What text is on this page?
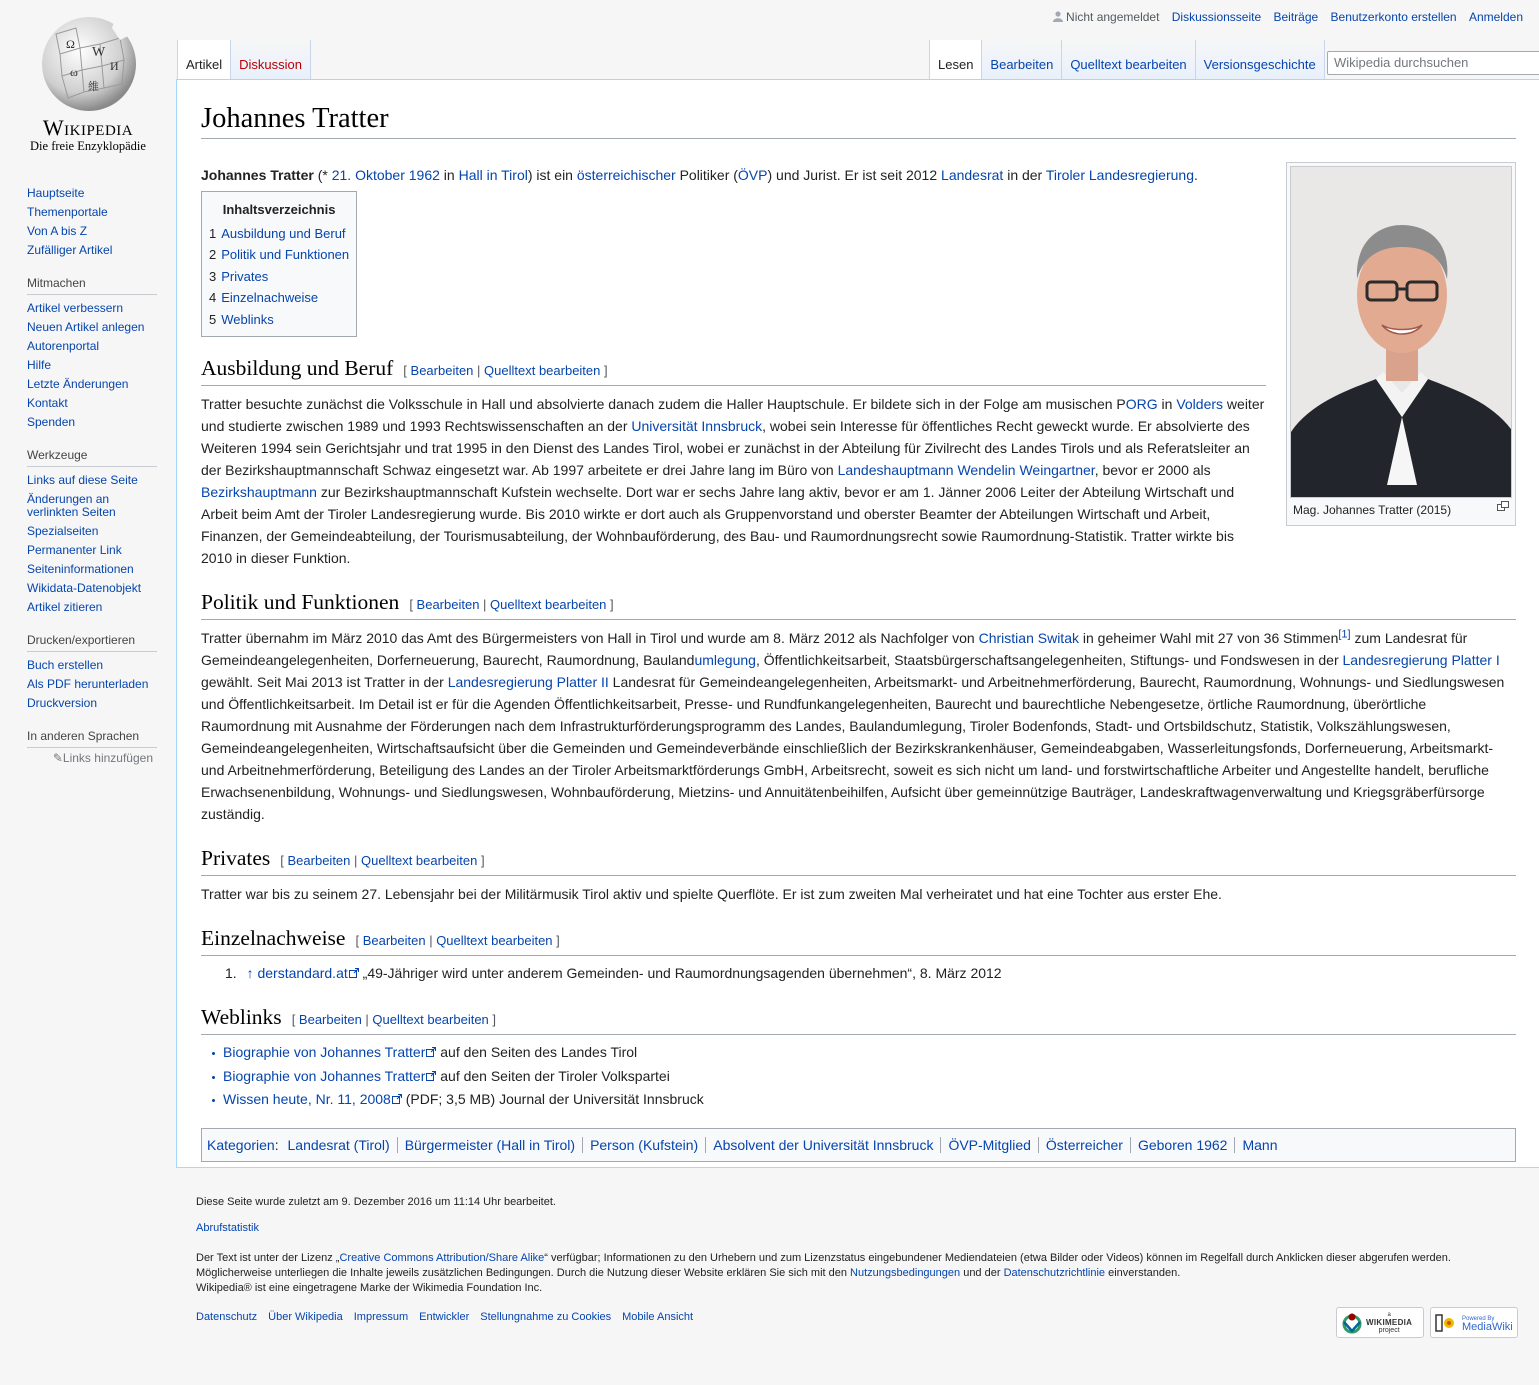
Ω
W
И
ω
維
Wikipedia
Die freie Enzyklopädie
Hauptseite
Themenportale
Von A bis Z
Zufälliger Artikel
Mitmachen
Artikel verbessern
Neuen Artikel anlegen
Autorenportal
Hilfe
Letzte Änderungen
Kontakt
Spenden
Werkzeuge
Links auf diese Seite
Änderungen an verlinkten Seiten
Spezialseiten
Permanenter Link
Seiteninformationen
Wikidata-Datenobjekt
Artikel zitieren
Drucken/exportieren
Buch erstellen
Als PDF herunterladen
Druckversion
In anderen Sprachen
✎Links hinzufügen
Nicht angemeldet Diskussionsseite Beiträge Benutzerkonto erstellen Anmelden
Artikel Diskussion	Lesen Bearbeiten Quelltext bearbeiten Versionsgeschichte	Wikipedia durchsuchen
Johannes Tratter
Mag. Johannes Tratter (2015)

Johannes Tratter (* 21. Oktober 1962 in Hall in Tirol) ist ein österreichischer Politiker (ÖVP) und Jurist. Er ist seit 2012 Landesrat in der Tiroler Landesregierung.

Inhaltsverzeichnis
1 Ausbildung und Beruf
2 Politik und Funktionen
3 Privates
4 Einzelnachweise
5 Weblinks
Ausbildung und Beruf [ Bearbeiten | Quelltext bearbeiten ]

Tratter besuchte zunächst die Volksschule in Hall und absolvierte danach zudem die Haller Hauptschule. Er bildete sich in der Folge am musischen PORG in Volders weiter und studierte zwischen 1989 und 1993 Rechtswissenschaften an der Universität Innsbruck, wobei sein Interesse für öffentliches Recht geweckt wurde. Er absolvierte des Weiteren 1994 sein Gerichtsjahr und trat 1995 in den Dienst des Landes Tirol, wobei er zunächst in der Abteilung für Zivilrecht des Landes Tirols und als Referatsleiter an der Bezirkshauptmannschaft Schwaz eingesetzt war. Ab 1997 arbeitete er drei Jahre lang im Büro von Landeshauptmann Wendelin Weingartner, bevor er 2000 als Bezirkshauptmann zur Bezirkshauptmannschaft Kufstein wechselte. Dort war er sechs Jahre lang aktiv, bevor er am 1. Jänner 2006 Leiter der Abteilung Wirtschaft und Arbeit beim Amt der Tiroler Landesregierung wurde. Bis 2010 wirkte er dort auch als Gruppenvorstand und oberster Beamter der Abteilungen Wirtschaft und Arbeit, Finanzen, der Gemeindeabteilung, der Tourismusabteilung, der Wohnbauförderung, des Bau- und Raumordnungsrecht sowie Raumordnung-Statistik. Tratter wirkte bis 2010 in dieser Funktion.

Politik und Funktionen [ Bearbeiten | Quelltext bearbeiten ]

Tratter übernahm im März 2010 das Amt des Bürgermeisters von Hall in Tirol und wurde am 8. März 2012 als Nachfolger von Christian Switak in geheimer Wahl mit 27 von 36 Stimmen[1] zum Landesrat für Gemeindeangelegenheiten, Dorferneuerung, Baurecht, Raumordnung, Baulandumlegung, Öffentlichkeitsarbeit, Staatsbürgerschaftsangelegenheiten, Stiftungs- und Fondswesen in der Landesregierung Platter I gewählt. Seit Mai 2013 ist Tratter in der Landesregierung Platter II Landesrat für Gemeindeangelegenheiten, Arbeitsmarkt- und Arbeitnehmerförderung, Baurecht, Raumordnung, Wohnungs- und Siedlungswesen und Öffentlichkeitsarbeit. Im Detail ist er für die Agenden Öffentlichkeitsarbeit, Presse- und Rundfunkangelegenheiten, Baurecht und baurechtliche Nebengesetze, örtliche Raumordnung, überörtliche Raumordnung mit Ausnahme der Förderungen nach dem Infrastrukturförderungsprogramm des Landes, Baulandumlegung, Tiroler Bodenfonds, Stadt- und Ortsbildschutz, Statistik, Volkszählungswesen, Gemeindeangelegenheiten, Wirtschaftsaufsicht über die Gemeinden und Gemeindeverbände einschließlich der Bezirkskrankenhäuser, Gemeindeabgaben, Wasserleitungsfonds, Dorferneuerung, Arbeitsmarkt- und Arbeitnehmerförderung, Beteiligung des Landes an der Tiroler Arbeitsmarktförderungs GmbH, Arbeitsrecht, soweit es sich nicht um land- und forstwirtschaftliche Arbeiter und Angestellte handelt, berufliche Erwachsenenbildung, Wohnungs- und Siedlungswesen, Wohnbauförderung, Mietzins- und Annuitätenbeihilfen, Aufsicht über gemeinnützige Bauträger, Landeskraftwagenverwaltung und Kriegsgräberfürsorge zuständig.

Privates [ Bearbeiten | Quelltext bearbeiten ]

Tratter war bis zu seinem 27. Lebensjahr bei der Militärmusik Tirol aktiv und spielte Querflöte. Er ist zum zweiten Mal verheiratet und hat eine Tochter aus erster Ehe.

Einzelnachweise [ Bearbeiten | Quelltext bearbeiten ]
1. ↑ derstandard.at „49-Jähriger wird unter anderem Gemeinden- und Raumordnungsagenden übernehmen“, 8. März 2012
Weblinks [ Bearbeiten | Quelltext bearbeiten ]
Biographie von Johannes Tratter auf den Seiten des Landes Tirol
Biographie von Johannes Tratter auf den Seiten der Tiroler Volkspartei
Wissen heute, Nr. 11, 2008 (PDF; 3,5 MB) Journal der Universität Innsbruck
Kategorien: Landesrat (Tirol) Bürgermeister (Hall in Tirol) Person (Kufstein) Absolvent der Universität Innsbruck ÖVP-Mitglied Österreicher Geboren 1962 Mann

Diese Seite wurde zuletzt am 9. Dezember 2016 um 11:14 Uhr bearbeitet.

Abrufstatistik

Der Text ist unter der Lizenz „Creative Commons Attribution/Share Alike“ verfügbar; Informationen zu den Urhebern und zum Lizenzstatus eingebundener Mediendateien (etwa Bilder oder Videos) können im Regelfall durch Anklicken dieser abgerufen werden.
Möglicherweise unterliegen die Inhalte jeweils zusätzlichen Bedingungen. Durch die Nutzung dieser Website erklären Sie sich mit den Nutzungsbedingungen und der Datenschutzrichtlinie einverstanden.
Wikipedia® ist eine eingetragene Marke der Wikimedia Foundation Inc.

Datenschutz Über Wikipedia Impressum Entwickler Stellungnahme zu Cookies Mobile Ansicht	a
WIKIMEDIA
project
Powered By
MediaWiki
